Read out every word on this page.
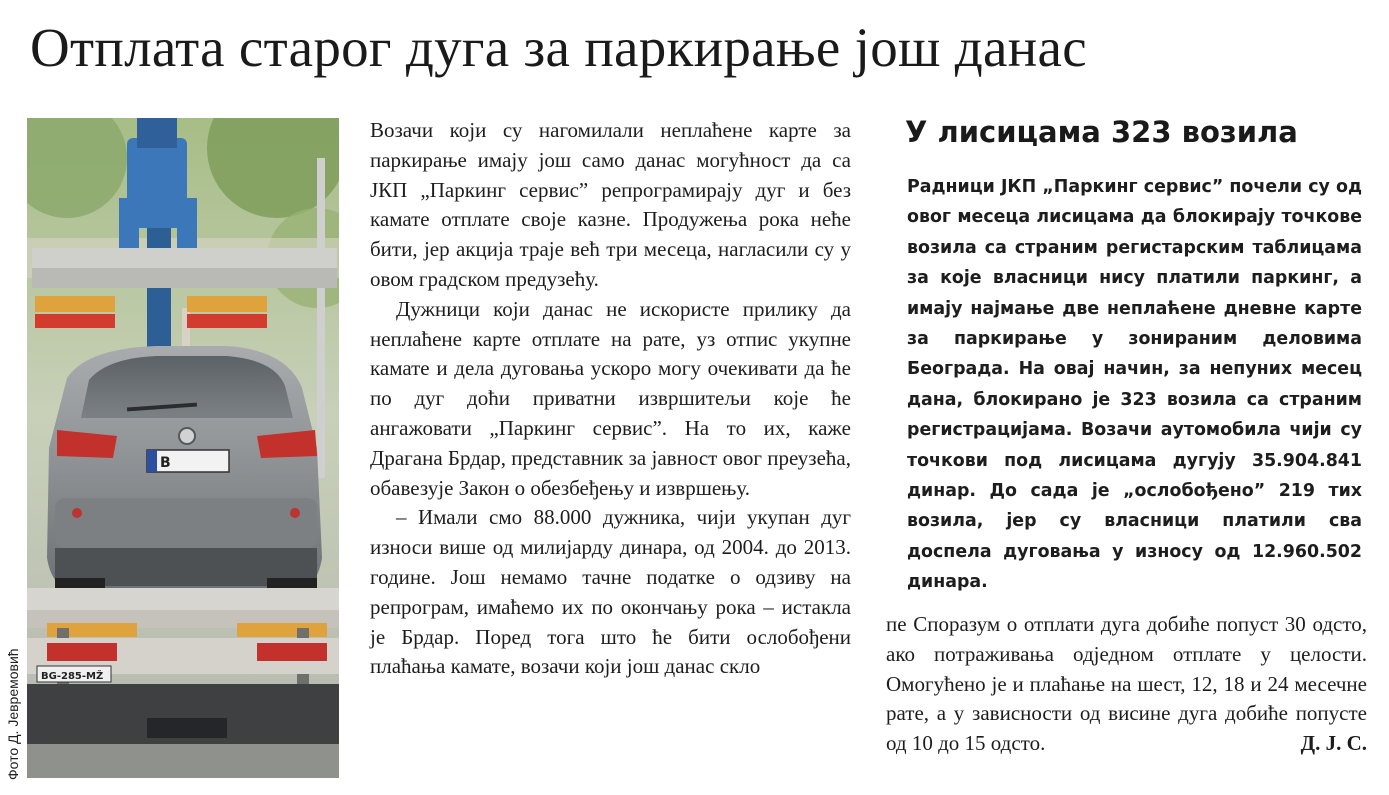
Отплата старог дуга за паркирање још данас
Фото Д. Јевремовић
B
BG-285-MŽ

Возачи који су нагомилали неплаћене карте за паркирање имају још само данас могућност да са ЈКП „Паркинг сервис” репрограмирају дуг и без камате отплате своје казне. Продужења рока неће бити, јер акција траје већ три месеца, нагласили су у овом градском предузећу.

Дужници који данас не искористе прилику да неплаћене карте отплате на рате, уз отпис укупне камате и дела дуговања ускоро могу очекивати да ће по дуг доћи приватни извршитељи које ће ангажовати „Паркинг сервис”. На то их, каже Драгана Брдар, представник за јавност овог преузећа, обавезује Закон о обезбеђењу и извршењу.

– Имали смо 88.000 дужника, чији укупан дуг износи више од милијарду динара, од 2004. до 2013. године. Још немамо тачне податке о одзиву на репрограм, имаћемо их по окончању рока – истакла је Брдар. Поред тога што ће бити ослобођени плаћања камате, возачи који још данас скло

У лисицама 323 возила

Радници ЈКП „Паркинг сервис” почели су од овог месеца лисицама да блокирају точкове возила са страним регистарским таблицама за које власници нису платили паркинг, а имају најмање две неплаћене дневне карте за паркирање у зонираним деловима Београда. На овај начин, за непуних месец дана, блокирано је 323 возила са страним регистрацијама. Возачи аутомобила чији су точкови под лисицама дугују 35.904.841 динар. До сада је „ослобођено” 219 тих возила, јер су власници платили сва доспела дуговања у износу од 12.960.502 динара.

пе Споразум о отплати дуга добиће попуст 30 одсто, ако потраживања одједном отплате у целости. Омогућено је и плаћање на шест, 12, 18 и 24 месечне рате, а у зависности од висине дуга добиће попусте од 10 до 15 одсто.	Д. Ј. С.
